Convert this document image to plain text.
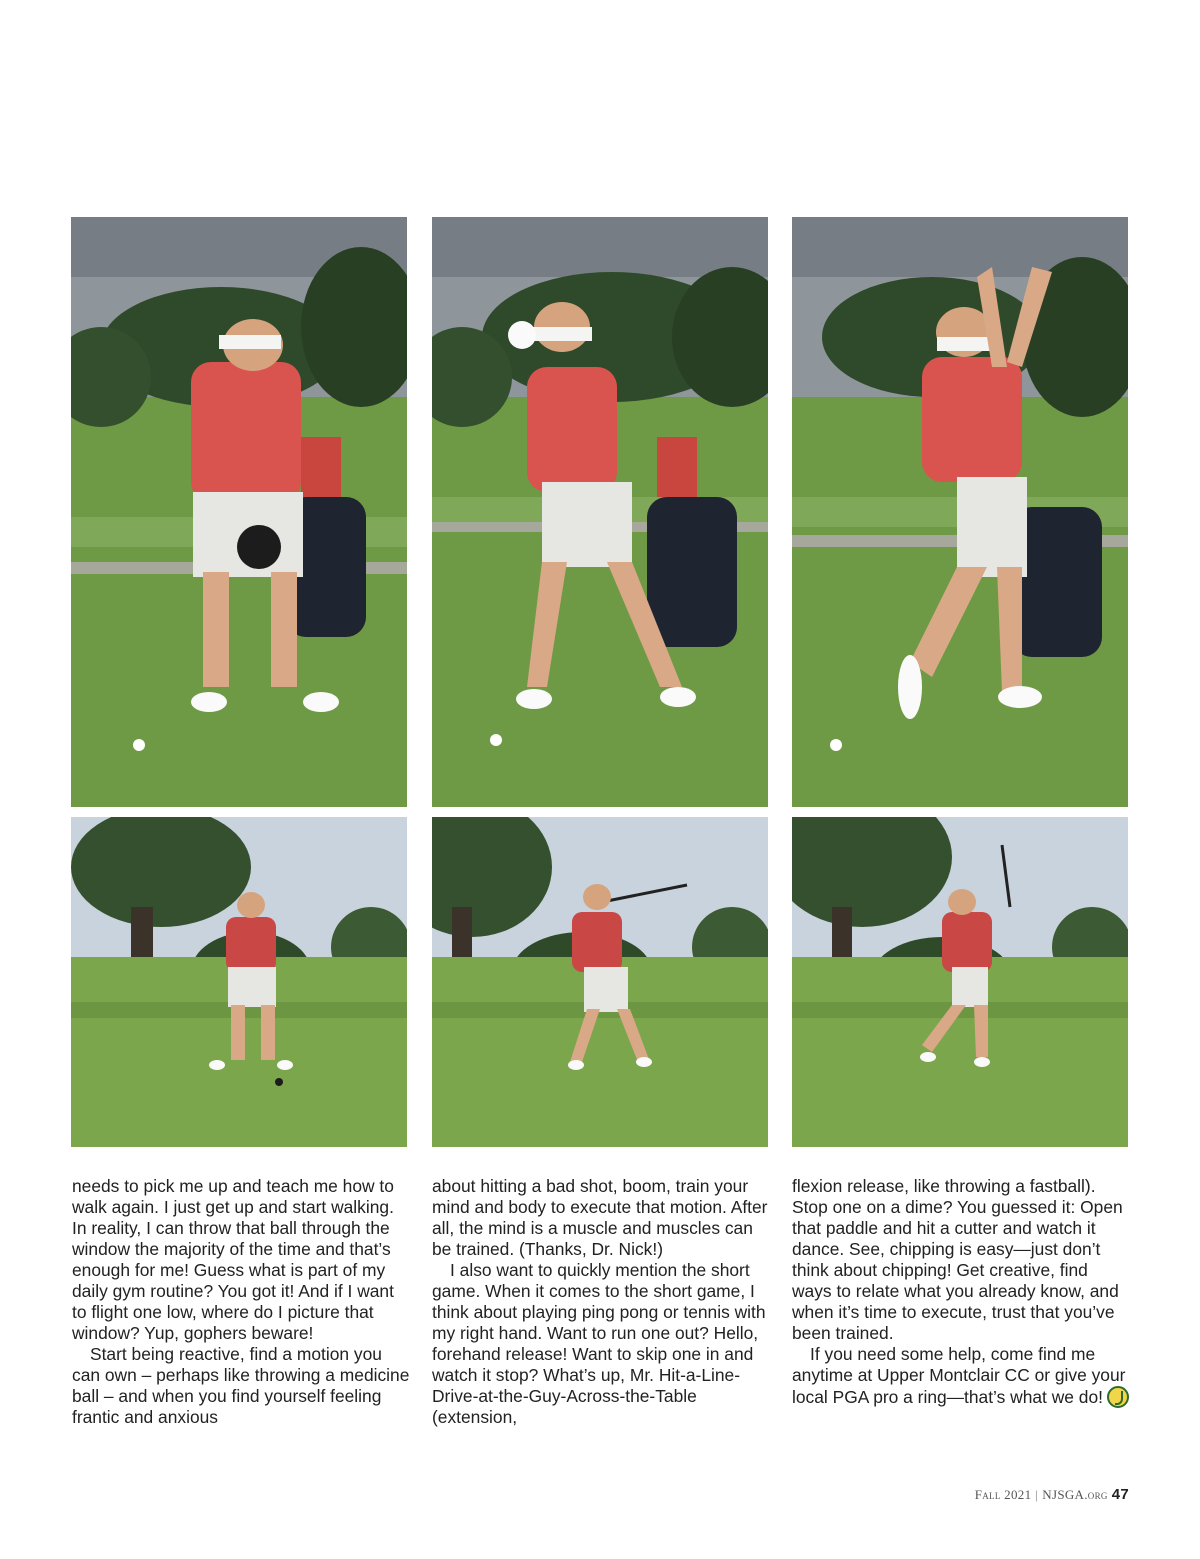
needs to pick me up and teach me how to walk again. I just get up and start walking. In reality, I can throw that ball through the window the majority of the time and that’s enough for me! Guess what is part of my daily gym routine? You got it! And if I want to flight one low, where do I picture that window? Yup, gophers beware!

Start being reactive, find a motion you can own – perhaps like throwing a medicine ball – and when you find yourself feeling frantic and anxious

about hitting a bad shot, boom, train your mind and body to execute that motion. After all, the mind is a muscle and muscles can be trained. (Thanks, Dr. Nick!)

I also want to quickly mention the short game. When it comes to the short game, I think about playing ping pong or tennis with my right hand. Want to run one out? Hello, forehand release! Want to skip one in and watch it stop? What’s up, Mr. Hit-a-Line-Drive-at-the-Guy-Across-the-Table (extension,

flexion release, like throwing a fastball). Stop one on a dime? You guessed it: Open that paddle and hit a cutter and watch it dance. See, chipping is easy—just don’t think about chipping! Get creative, find ways to relate what you already know, and when it’s time to execute, trust that you’ve been trained.

If you need some help, come find me anytime at Upper Montclair CC or give your local PGA pro a ring—that’s what we do!

Fall 2021 | NJSGA.org 47
